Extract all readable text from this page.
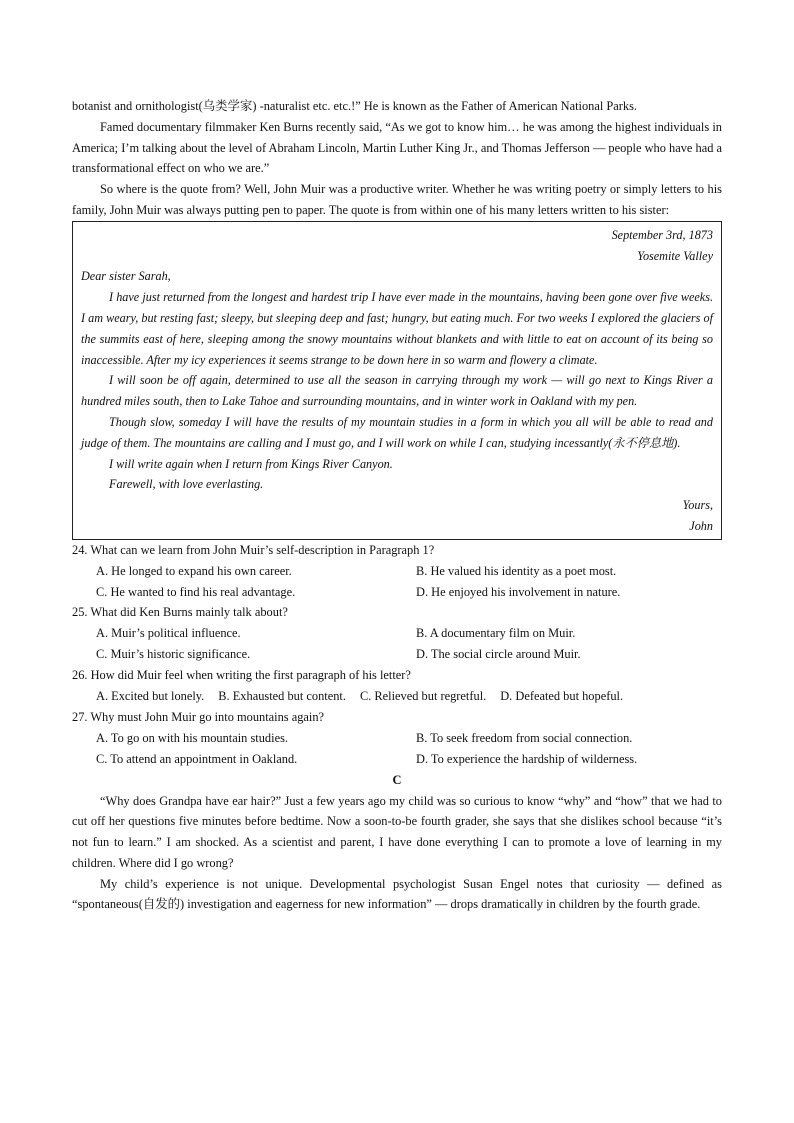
botanist and ornithologist(乌类学家) -naturalist etc. etc.!” He is known as the Father of American National Parks.

Famed documentary filmmaker Ken Burns recently said, “As we got to know him… he was among the highest individuals in America; I’m talking about the level of Abraham Lincoln, Martin Luther King Jr., and Thomas Jefferson — people who have had a transformational effect on who we are.”

So where is the quote from? Well, John Muir was a productive writer. Whether he was writing poetry or simply letters to his family, John Muir was always putting pen to paper. The quote is from within one of his many letters written to his sister:

September 3rd, 1873

Yosemite Valley

Dear sister Sarah,

I have just returned from the longest and hardest trip I have ever made in the mountains, having been gone over five weeks. I am weary, but resting fast; sleepy, but sleeping deep and fast; hungry, but eating much. For two weeks I explored the glaciers of the summits east of here, sleeping among the snowy mountains without blankets and with little to eat on account of its being so inaccessible. After my icy experiences it seems strange to be down here in so warm and flowery a climate.

I will soon be off again, determined to use all the season in carrying through my work — will go next to Kings River a hundred miles south, then to Lake Tahoe and surrounding mountains, and in winter work in Oakland with my pen.

Though slow, someday I will have the results of my mountain studies in a form in which you all will be able to read and judge of them. The mountains are calling and I must go, and I will work on while I can, studying incessantly(永不停息地).

I will write again when I return from Kings River Canyon.

Farewell, with love everlasting.

Yours,

John

24. What can we learn from John Muir’s self-description in Paragraph 1?

A. He longed to expand his own career.	B. He valued his identity as a poet most.
C. He wanted to find his real advantage.	D. He enjoyed his involvement in nature.

25. What did Ken Burns mainly talk about?

A. Muir’s political influence.	B. A documentary film on Muir.
C. Muir’s historic significance.	D. The social circle around Muir.

26. How did Muir feel when writing the first paragraph of his letter?

A. Excited but lonely. B. Exhausted but content. C. Relieved but regretful. D. Defeated but hopeful.

27. Why must John Muir go into mountains again?

A. To go on with his mountain studies.	B. To seek freedom from social connection.
C. To attend an appointment in Oakland.	D. To experience the hardship of wilderness.

C

“Why does Grandpa have ear hair?” Just a few years ago my child was so curious to know “why” and “how” that we had to cut off her questions five minutes before bedtime. Now a soon-to-be fourth grader, she says that she dislikes school because “it’s not fun to learn.” I am shocked. As a scientist and parent, I have done everything I can to promote a love of learning in my children. Where did I go wrong?

My child’s experience is not unique. Developmental psychologist Susan Engel notes that curiosity — defined as “spontaneous(自发的) investigation and eagerness for new information” — drops dramatically in children by the fourth grade.
